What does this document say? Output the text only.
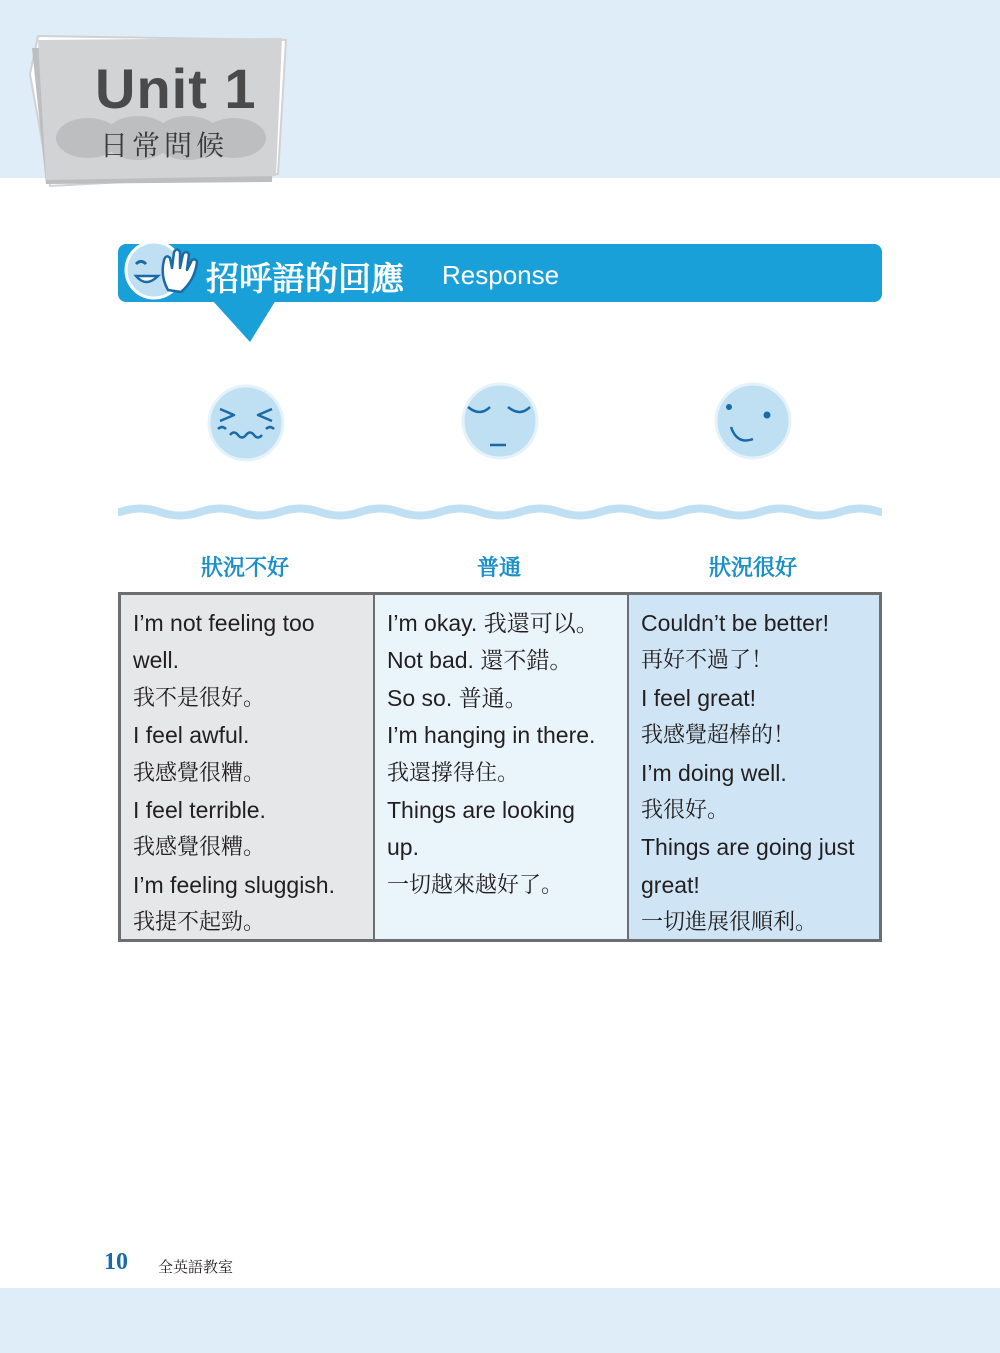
Unit 1
日常問候
招呼語的回應 Response
狀況不好	普通	狀況很好
I’m not feeling too
well.
我不是很好。
I feel awful.
我感覺很糟。
I feel terrible.
我感覺很糟。
I’m feeling sluggish.
我提不起勁。
I’m okay. 我還可以。
Not bad. 還不錯。
So so. 普通。
I’m hanging in there.
我還撐得住。
Things are looking
up.
一切越來越好了。
Couldn’t be better!
再好不過了！
I feel great!
我感覺超棒的！
I’m doing well.
我很好。
Things are going just
great!
一切進展很順利。
10 全英語教室
